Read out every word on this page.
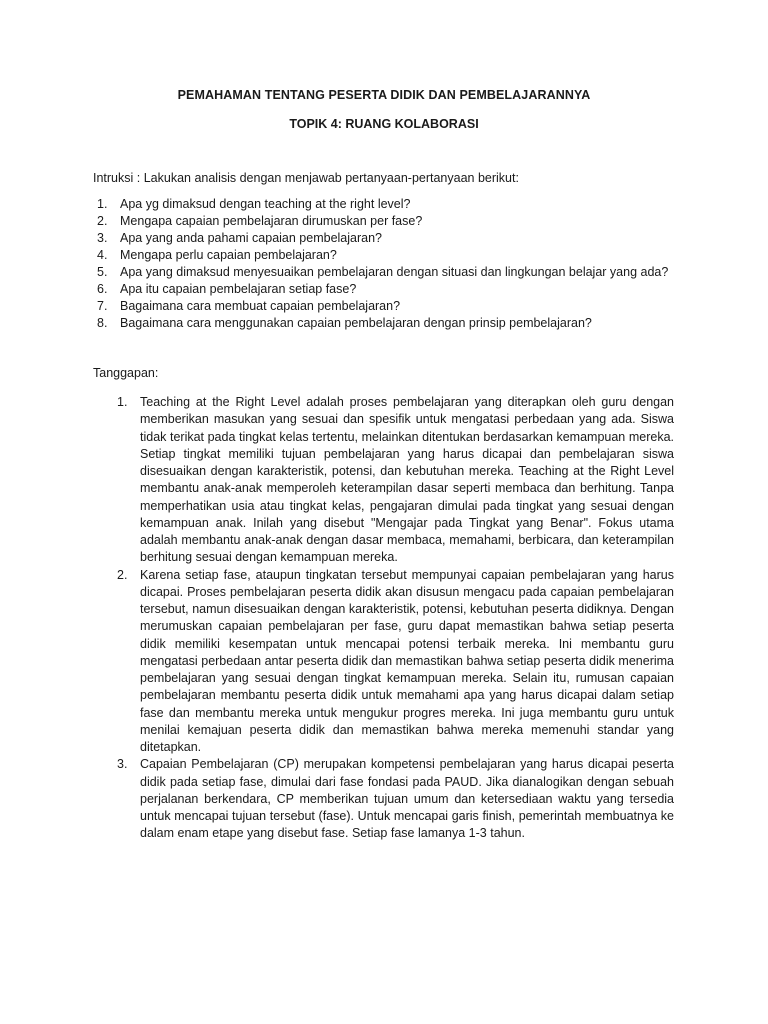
PEMAHAMAN TENTANG PESERTA DIDIK DAN PEMBELAJARANNYA
TOPIK 4: RUANG KOLABORASI
Intruksi : Lakukan analisis dengan menjawab pertanyaan-pertanyaan berikut:
1. Apa yg dimaksud dengan teaching at the right level?
2. Mengapa capaian pembelajaran dirumuskan per fase?
3. Apa yang anda pahami capaian pembelajaran?
4. Mengapa perlu capaian pembelajaran?
5. Apa yang dimaksud menyesuaikan pembelajaran dengan situasi dan lingkungan belajar yang ada?
6. Apa itu capaian pembelajaran setiap fase?
7. Bagaimana cara membuat capaian pembelajaran?
8. Bagaimana cara menggunakan capaian pembelajaran dengan prinsip pembelajaran?
Tanggapan:
1. Teaching at the Right Level adalah proses pembelajaran yang diterapkan oleh guru dengan memberikan masukan yang sesuai dan spesifik untuk mengatasi perbedaan yang ada. Siswa tidak terikat pada tingkat kelas tertentu, melainkan ditentukan berdasarkan kemampuan mereka. Setiap tingkat memiliki tujuan pembelajaran yang harus dicapai dan pembelajaran siswa disesuaikan dengan karakteristik, potensi, dan kebutuhan mereka. Teaching at the Right Level membantu anak-anak memperoleh keterampilan dasar seperti membaca dan berhitung. Tanpa memperhatikan usia atau tingkat kelas, pengajaran dimulai pada tingkat yang sesuai dengan kemampuan anak. Inilah yang disebut "Mengajar pada Tingkat yang Benar". Fokus utama adalah membantu anak-anak dengan dasar membaca, memahami, berbicara, dan keterampilan berhitung sesuai dengan kemampuan mereka.
2. Karena setiap fase, ataupun tingkatan tersebut mempunyai capaian pembelajaran yang harus dicapai. Proses pembelajaran peserta didik akan disusun mengacu pada capaian pembelajaran tersebut, namun disesuaikan dengan karakteristik, potensi, kebutuhan peserta didiknya. Dengan merumuskan capaian pembelajaran per fase, guru dapat memastikan bahwa setiap peserta didik memiliki kesempatan untuk mencapai potensi terbaik mereka. Ini membantu guru mengatasi perbedaan antar peserta didik dan memastikan bahwa setiap peserta didik menerima pembelajaran yang sesuai dengan tingkat kemampuan mereka. Selain itu, rumusan capaian pembelajaran membantu peserta didik untuk memahami apa yang harus dicapai dalam setiap fase dan membantu mereka untuk mengukur progres mereka. Ini juga membantu guru untuk menilai kemajuan peserta didik dan memastikan bahwa mereka memenuhi standar yang ditetapkan.
3. Capaian Pembelajaran (CP) merupakan kompetensi pembelajaran yang harus dicapai peserta didik pada setiap fase, dimulai dari fase fondasi pada PAUD. Jika dianalogikan dengan sebuah perjalanan berkendara, CP memberikan tujuan umum dan ketersediaan waktu yang tersedia untuk mencapai tujuan tersebut (fase). Untuk mencapai garis finish, pemerintah membuatnya ke dalam enam etape yang disebut fase. Setiap fase lamanya 1-3 tahun.
